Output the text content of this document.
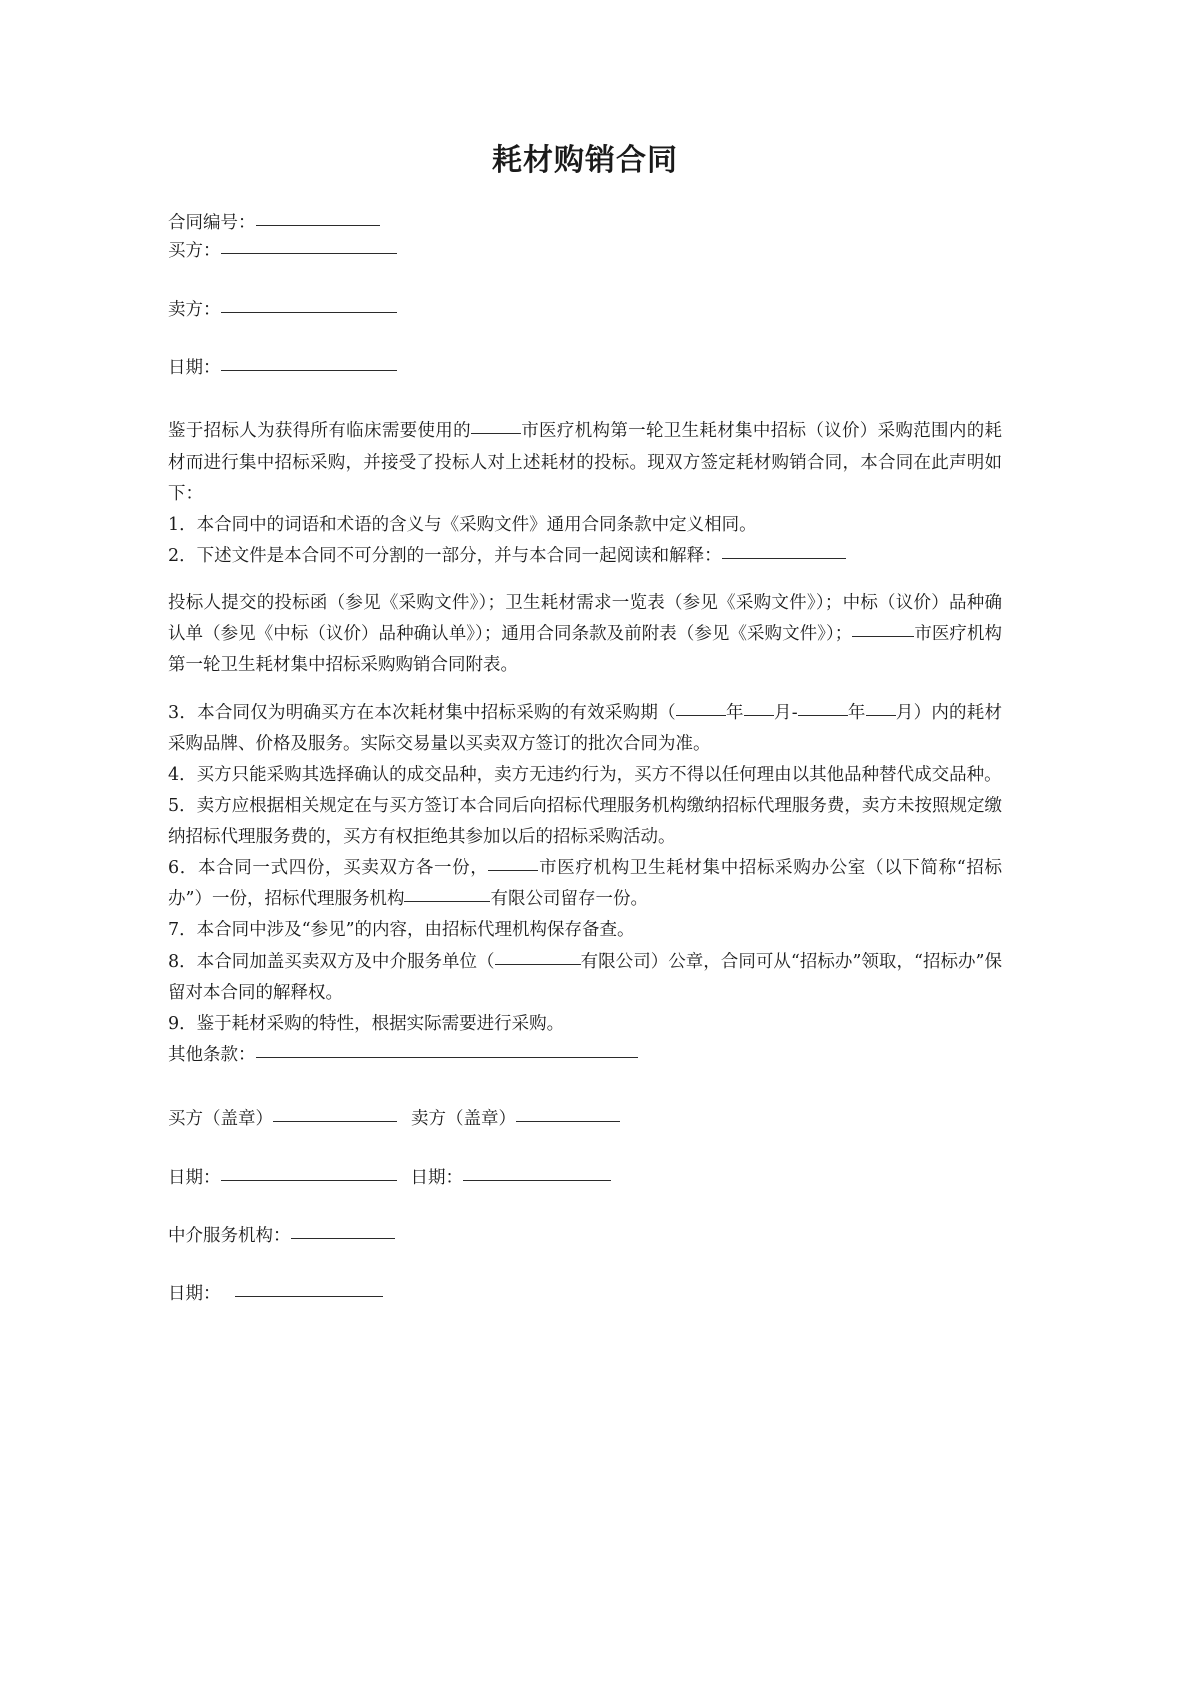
耗材购销合同
合同编号：
买方：
卖方：
日期：

鉴于招标人为获得所有临床需要使用的	市医疗机构第一轮卫生耗材集中招标（议价）采购范围内的耗材而进行集中招标采购，并接受了投标人对上述耗材的投标。现双方签定耗材购销合同，本合同在此声明如下：

1．本合同中的词语和术语的含义与《采购文件》通用合同条款中定义相同。

2．下述文件是本合同不可分割的一部分，并与本合同一起阅读和解释：

投标人提交的投标函（参见《采购文件》）；卫生耗材需求一览表（参见《采购文件》）；中标（议价）品种确认单（参见《中标（议价）品种确认单》）；通用合同条款及前附表（参见《采购文件》）；	市医疗机构第一轮卫生耗材集中招标采购购销合同附表。

3．本合同仅为明确买方在本次耗材集中招标采购的有效采购期（	年 月-	年 月）内的耗材采购品牌、价格及服务。实际交易量以买卖双方签订的批次合同为准。

4．买方只能采购其选择确认的成交品种，卖方无违约行为，买方不得以任何理由以其他品种替代成交品种。

5．卖方应根据相关规定在与买方签订本合同后向招标代理服务机构缴纳招标代理服务费，卖方未按照规定缴纳招标代理服务费的，买方有权拒绝其参加以后的招标采购活动。

6．本合同一式四份，买卖双方各一份，	市医疗机构卫生耗材集中招标采购办公室（以下简称“招标办”）一份，招标代理服务机构	有限公司留存一份。

7．本合同中涉及“参见”的内容，由招标代理机构保存备查。

8．本合同加盖买卖双方及中介服务单位（	有限公司）公章，合同可从“招标办”领取，“招标办”保留对本合同的解释权。

9．鉴于耗材采购的特性，根据实际需要进行采购。

其他条款：

买方（盖章）	卖方（盖章）
日期：	日期：
中介服务机构：
日期：
